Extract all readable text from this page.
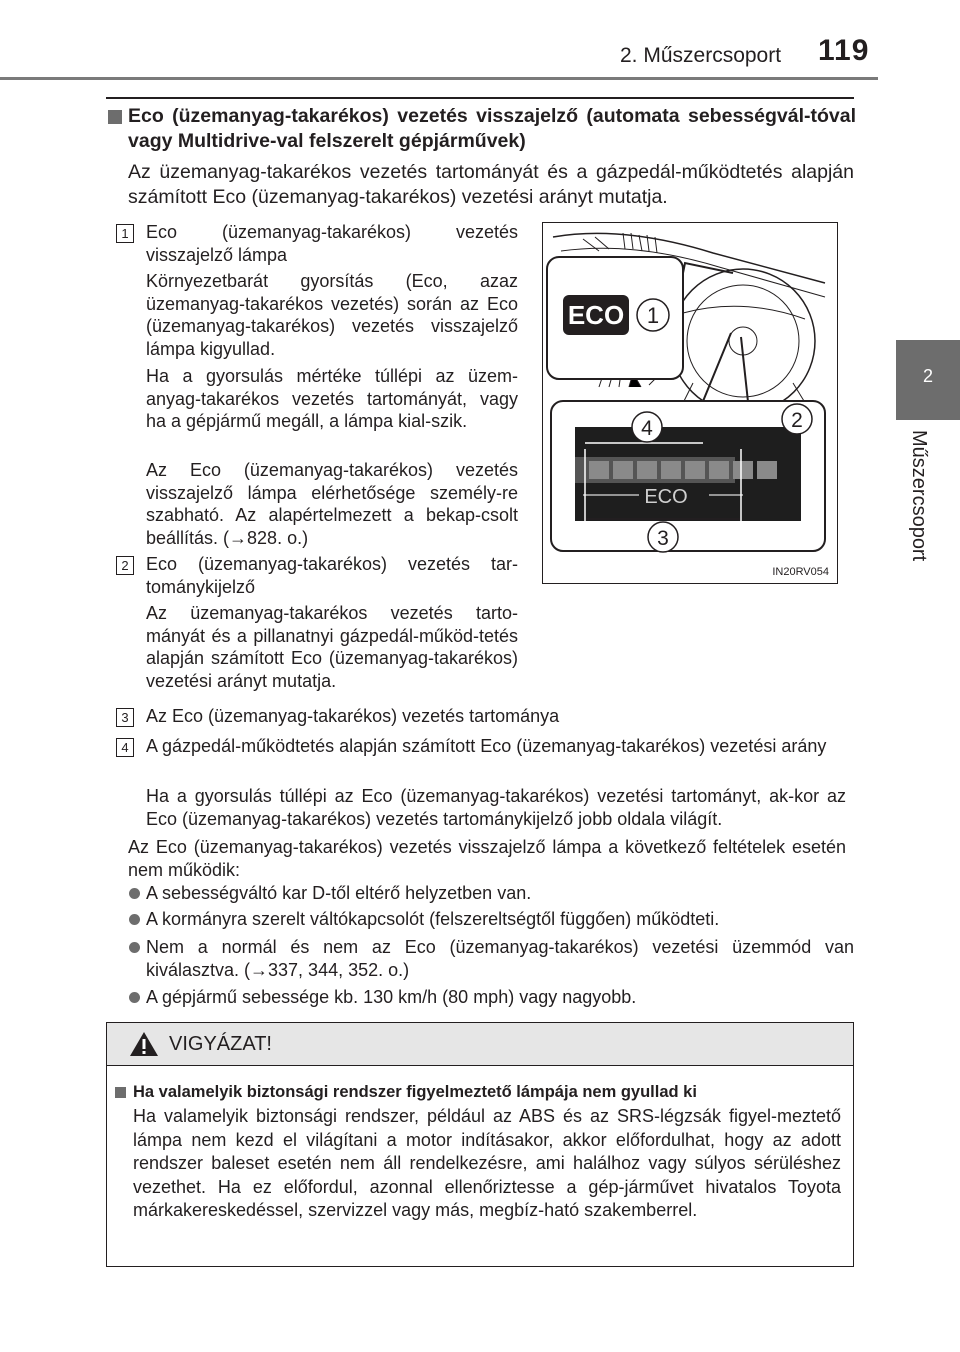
2. Műszercsoport 119
2
Műszercsoport
Eco (üzemanyag-takarékos) vezetés visszajelző (automata sebességvál-tóval vagy Multidrive-val felszerelt gépjárművek)
Az üzemanyag-takarékos vezetés tartományát és a gázpedál-működtetés alapján számított Eco (üzemanyag-takarékos) vezetési arányt mutatja.
1 Eco (üzemanyag-takarékos) vezetés visszajelző lámpa
Környezetbarát gyorsítás (Eco, azaz üzemanyag-takarékos vezetés) során az Eco (üzemanyag-takarékos) vezetés visszajelző lámpa kigyullad.
Ha a gyorsulás mértéke túllépi az üzem-anyag-takarékos vezetés tartományát, vagy ha a gépjármű megáll, a lámpa kial-szik.
Az Eco (üzemanyag-takarékos) vezetés visszajelző lámpa elérhetősége személy-re szabható. Az alapértelmezett a bekap-csolt beállítás. (→828. o.)
2 Eco (üzemanyag-takarékos) vezetés tar-tománykijelző
Az üzemanyag-takarékos vezetés tarto-mányát és a pillanatnyi gázpedál-működ-tetés alapján számított Eco (üzemanyag-takarékos) vezetési arányt mutatja.
ECO 1
ECO
4	2
3
IN20RV054
3 Az Eco (üzemanyag-takarékos) vezetés tartománya
4 A gázpedál-működtetés alapján számított Eco (üzemanyag-takarékos) vezetési arány
Ha a gyorsulás túllépi az Eco (üzemanyag-takarékos) vezetési tartományt, ak-kor az Eco (üzemanyag-takarékos) vezetés tartománykijelző jobb oldala világít.
Az Eco (üzemanyag-takarékos) vezetés visszajelző lámpa a következő feltételek esetén nem működik:
A sebességváltó kar D-től eltérő helyzetben van.
A kormányra szerelt váltókapcsolót (felszereltségtől függően) működteti.
Nem a normál és nem az Eco (üzemanyag-takarékos) vezetési üzemmód van kiválasztva. (→337, 344, 352. o.)
A gépjármű sebessége kb. 130 km/h (80 mph) vagy nagyobb.
VIGYÁZAT!
Ha valamelyik biztonsági rendszer figyelmeztető lámpája nem gyullad ki
Ha valamelyik biztonsági rendszer, például az ABS és az SRS-légzsák figyel-meztető lámpa nem kezd el világítani a motor indításakor, akkor előfordulhat, hogy az adott rendszer baleset esetén nem áll rendelkezésre, ami halálhoz vagy súlyos sérüléshez vezethet. Ha ez előfordul, azonnal ellenőriztesse a gép-járművet hivatalos Toyota márkakereskedéssel, szervizzel vagy más, megbíz-ható szakemberrel.
